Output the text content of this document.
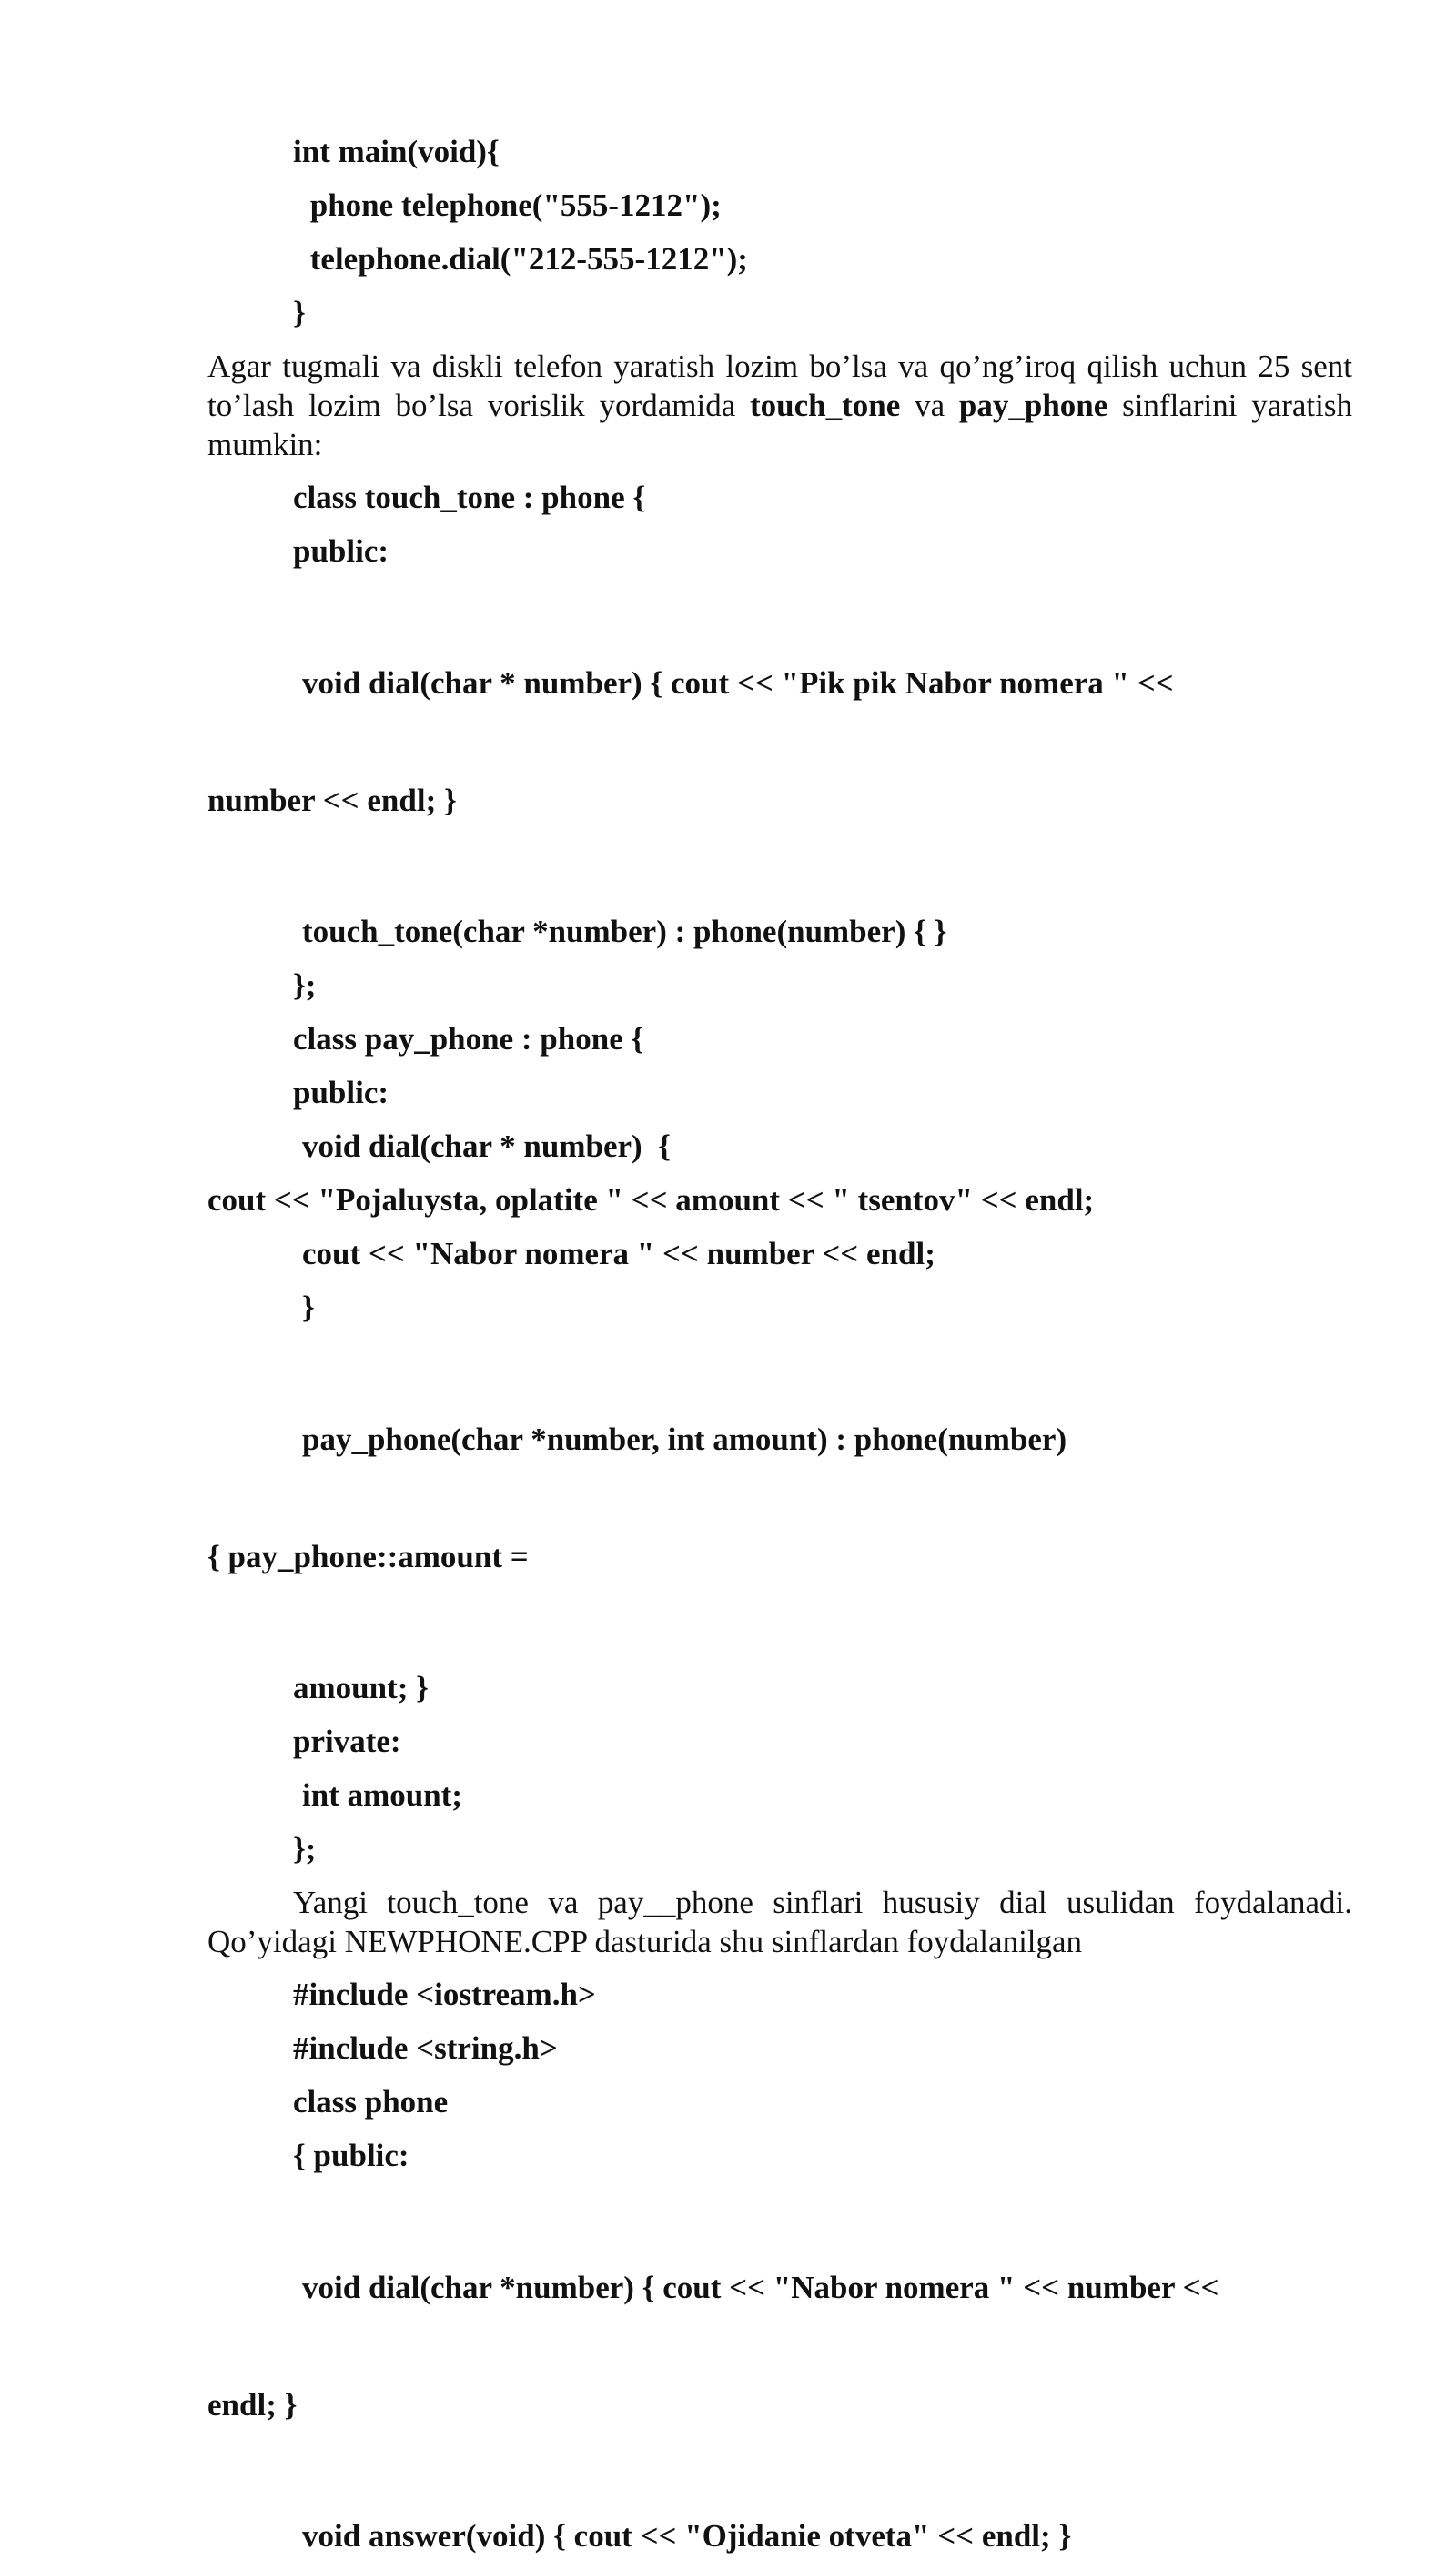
int main(void){
phone telephone("555-1212");
telephone.dial("212-555-1212");
}
Agar tugmali va diskli telefon yaratish lozim bo’lsa va qo’ng’iroq qilish uchun 25 sent to’lash lozim bo’lsa vorislik yordamida touch_tone va pay_phone sinflarini yaratish mumkin:
class touch_tone : phone {
public:

void dial(char * number) { cout << "Pik pik Nabor nomera " <<

number << endl; }

touch_tone(char *number) : phone(number) { }
};
class pay_phone : phone {
public:
void dial(char * number)  {
cout << "Pojaluysta, oplatite " << amount << " tsentov" << endl;
cout << "Nabor nomera " << number << endl;
}

pay_phone(char *number, int amount) : phone(number)

{ pay_phone::amount =

amount; }
private:
int amount;
};
Yangi touch_tone va pay__phone sinflari hususiy dial usulidan foydalanadi. Qo’yidagi NEWPHONE.CPP dasturida shu sinflardan foydalanilgan
#include <iostream.h>
#include <string.h>
class phone
{ public:

void dial(char *number) { cout << "Nabor nomera " << number <<

endl; }

void answer(void) { cout << "Ojidanie otveta" << endl; }
